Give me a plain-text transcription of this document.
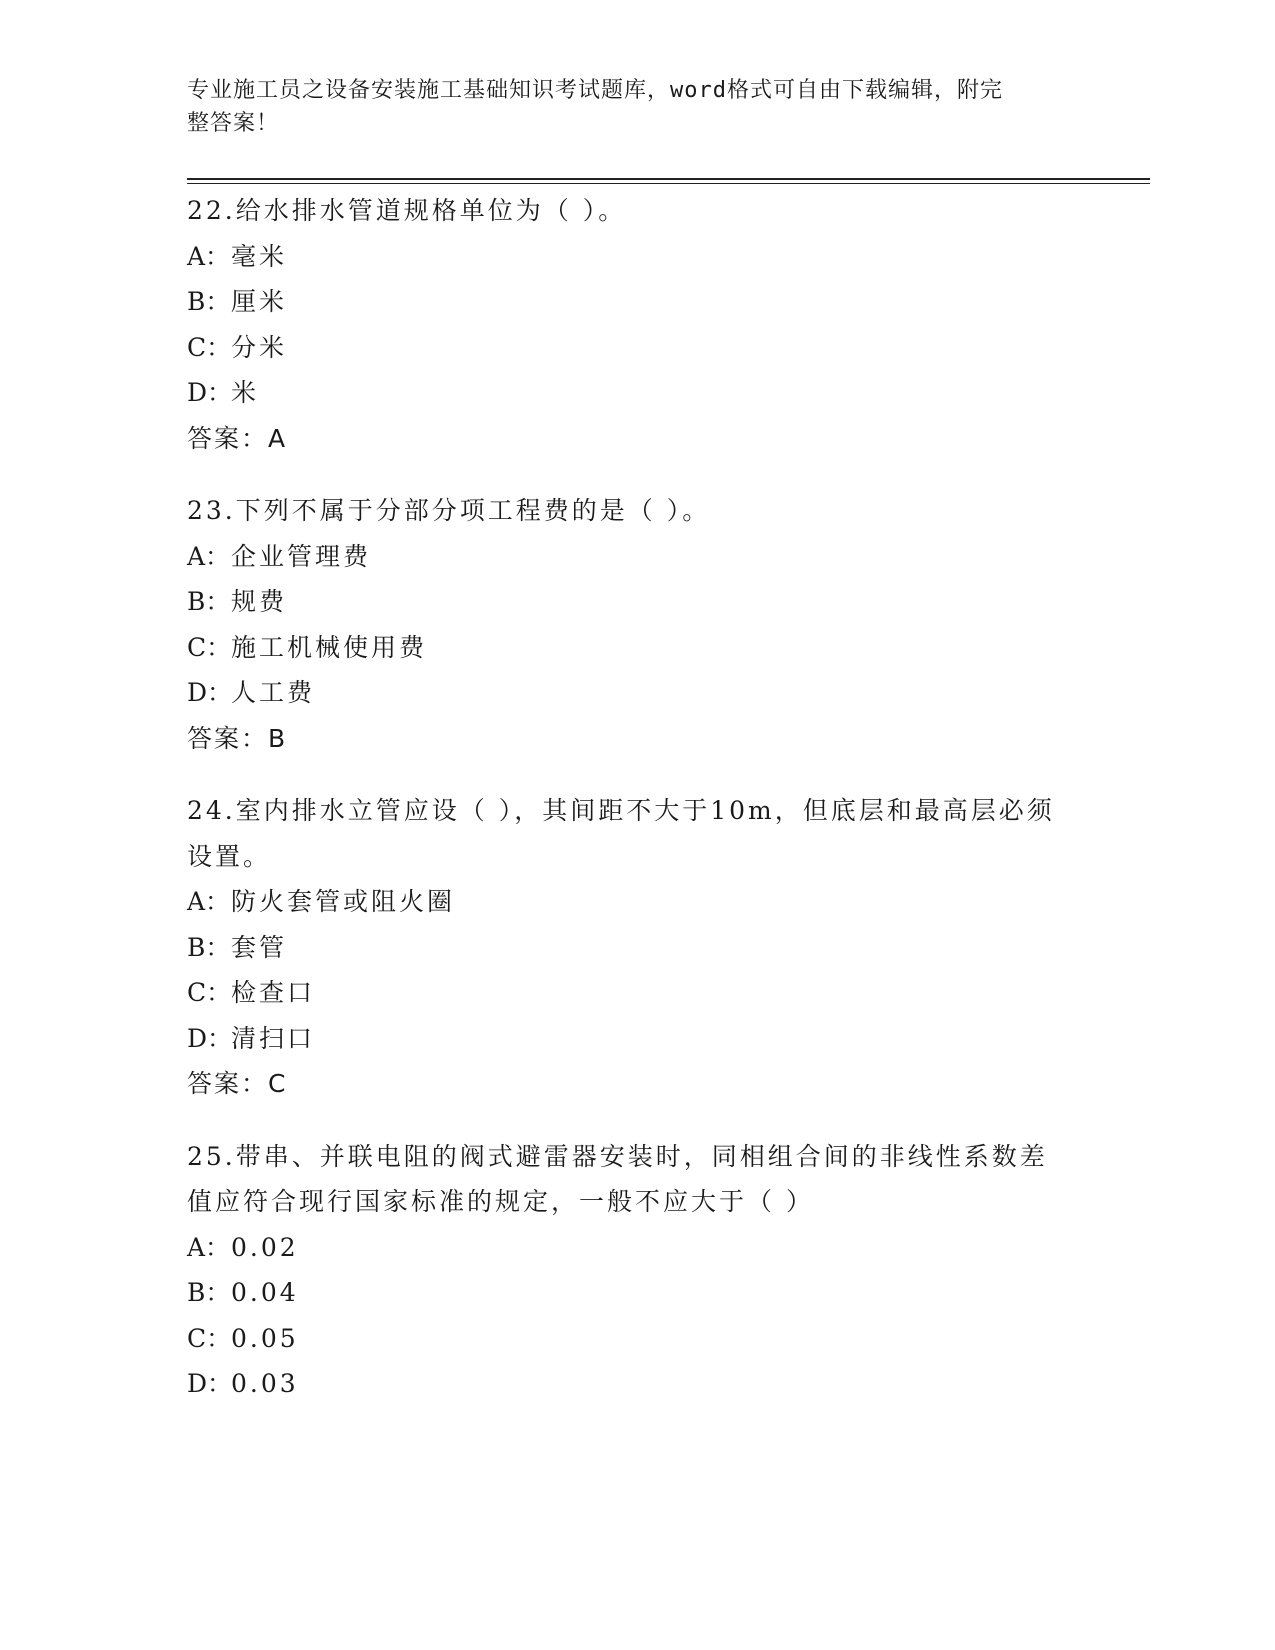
专业施工员之设备安装施工基础知识考试题库，word格式可自由下载编辑，附完
整答案！
22.给水排水管道规格单位为（ ）。
A：毫米
B：厘米
C：分米
D：米
答案：A
23.下列不属于分部分项工程费的是（ ）。
A：企业管理费
B：规费
C：施工机械使用费
D：人工费
答案：B
24.室内排水立管应设（ ），其间距不大于10m，但底层和最高层必须
设置。
A：防火套管或阻火圈
B：套管
C：检查口
D：清扫口
答案：C
25.带串、并联电阻的阀式避雷器安装时，同相组合间的非线性系数差
值应符合现行国家标准的规定，一般不应大于（ ）
A：0.02
B：0.04
C：0.05
D：0.03
